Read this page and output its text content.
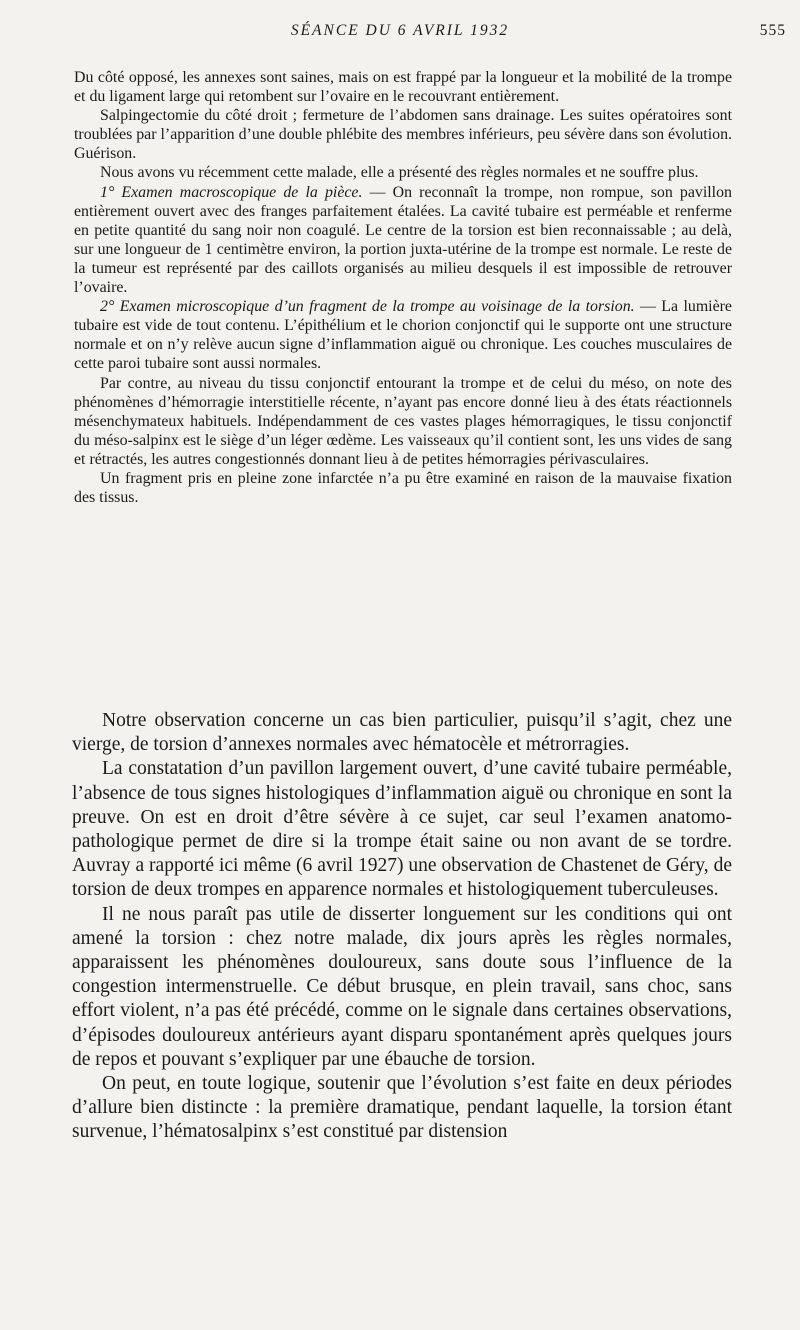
SÉANCE DU 6 AVRIL 1932	555

Du côté opposé, les annexes sont saines, mais on est frappé par la longueur et la mobilité de la trompe et du ligament large qui retombent sur l’ovaire en le recouvrant entièrement.

Salpingectomie du côté droit ; fermeture de l’abdomen sans drainage. Les suites opératoires sont troublées par l’apparition d’une double phlébite des membres inférieurs, peu sévère dans son évolution. Guérison.

Nous avons vu récemment cette malade, elle a présenté des règles normales et ne souffre plus.

1° Examen macroscopique de la pièce. — On reconnaît la trompe, non rompue, son pavillon entièrement ouvert avec des franges parfaitement étalées. La cavité tubaire est perméable et renferme en petite quantité du sang noir non coagulé. Le centre de la torsion est bien reconnaissable ; au delà, sur une longueur de 1 centimètre environ, la portion juxta-utérine de la trompe est normale. Le reste de la tumeur est représenté par des caillots organisés au milieu desquels il est impossible de retrouver l’ovaire.

2° Examen microscopique d’un fragment de la trompe au voisinage de la torsion. — La lumière tubaire est vide de tout contenu. L’épithélium et le chorion conjonctif qui le supporte ont une structure normale et on n’y relève aucun signe d’inflammation aiguë ou chronique. Les couches musculaires de cette paroi tubaire sont aussi normales.

Par contre, au niveau du tissu conjonctif entourant la trompe et de celui du méso, on note des phénomènes d’hémorragie interstitielle récente, n’ayant pas encore donné lieu à des états réactionnels mésenchymateux habituels. Indépendamment de ces vastes plages hémorragiques, le tissu conjonctif du méso-salpinx est le siège d’un léger œdème. Les vaisseaux qu’il contient sont, les uns vides de sang et rétractés, les autres congestionnés donnant lieu à de petites hémorragies périvasculaires.

Un fragment pris en pleine zone infarctée n’a pu être examiné en raison de la mauvaise fixation des tissus.

Notre observation concerne un cas bien particulier, puisqu’il s’agit, chez une vierge, de torsion d’annexes normales avec hématocèle et métrorragies.

La constatation d’un pavillon largement ouvert, d’une cavité tubaire perméable, l’absence de tous signes histologiques d’inflammation aiguë ou chronique en sont la preuve. On est en droit d’être sévère à ce sujet, car seul l’examen anatomo-pathologique permet de dire si la trompe était saine ou non avant de se tordre. Auvray a rapporté ici même (6 avril 1927) une observation de Chastenet de Géry, de torsion de deux trompes en apparence normales et histologiquement tuberculeuses.

Il ne nous paraît pas utile de disserter longuement sur les conditions qui ont amené la torsion : chez notre malade, dix jours après les règles normales, apparaissent les phénomènes douloureux, sans doute sous l’influence de la congestion intermenstruelle. Ce début brusque, en plein travail, sans choc, sans effort violent, n’a pas été précédé, comme on le signale dans certaines observations, d’épisodes douloureux antérieurs ayant disparu spontanément après quelques jours de repos et pouvant s’expliquer par une ébauche de torsion.

On peut, en toute logique, soutenir que l’évolution s’est faite en deux périodes d’allure bien distincte : la première dramatique, pendant laquelle, la torsion étant survenue, l’hématosalpinx s’est constitué par distension
